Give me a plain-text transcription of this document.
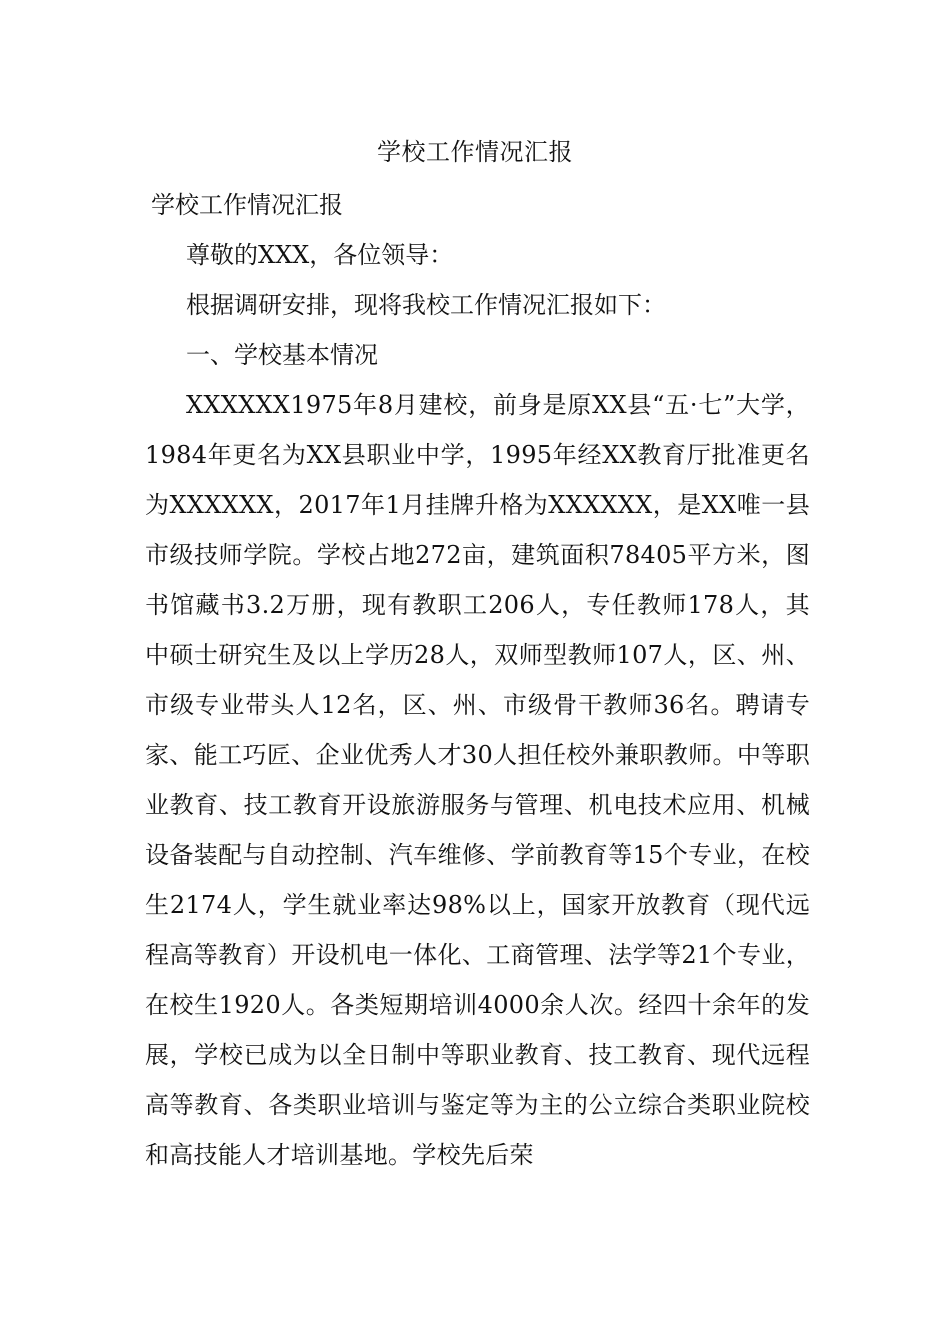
学校工作情况汇报

学校工作情况汇报

尊敬的XXX，各位领导：

根据调研安排，现将我校工作情况汇报如下：

一、学校基本情况

XXXXXX1975年8月建校，前身是原XX县“五·七”大学，1984年更名为XX县职业中学，1995年经XX教育厅批准更名为XXXXXX，2017年1月挂牌升格为XXXXXX，是XX唯一县市级技师学院。学校占地272亩，建筑面积78405平方米，图书馆藏书3.2万册，现有教职工206人，专任教师178人，其中硕士研究生及以上学历28人，双师型教师107人，区、州、市级专业带头人12名，区、州、市级骨干教师36名。聘请专家、能工巧匠、企业优秀人才30人担任校外兼职教师。中等职业教育、技工教育开设旅游服务与管理、机电技术应用、机械设备装配与自动控制、汽车维修、学前教育等15个专业，在校生2174人，学生就业率达98%以上，国家开放教育（现代远程高等教育）开设机电一体化、工商管理、法学等21个专业，在校生1920人。各类短期培训4000余人次。经四十余年的发展，学校已成为以全日制中等职业教育、技工教育、现代远程高等教育、各类职业培训与鉴定等为主的公立综合类职业院校和高技能人才培训基地。学校先后荣
